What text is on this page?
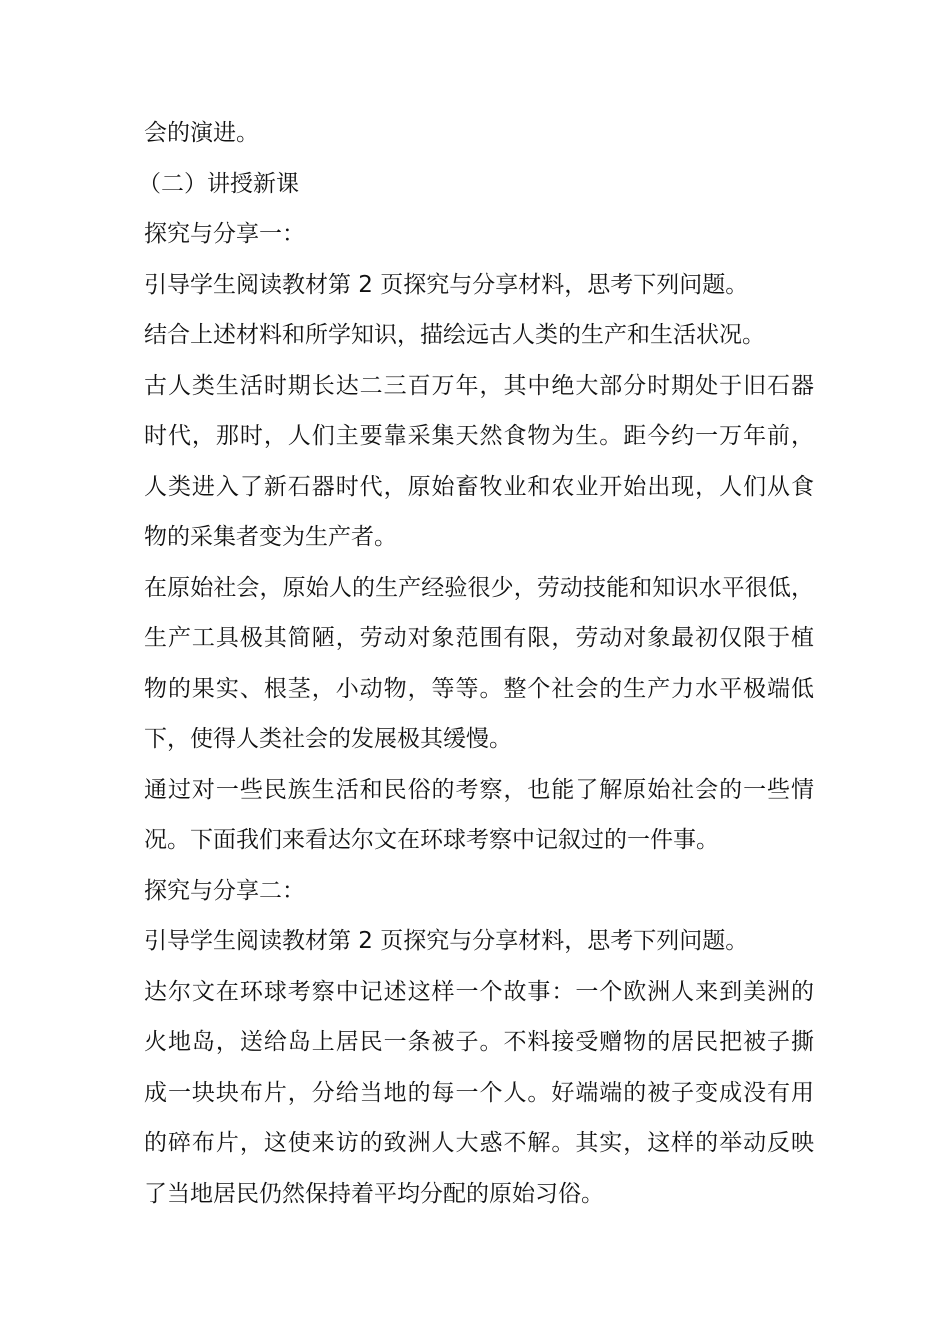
会的演进。
（二）讲授新课
探究与分享一：
引导学生阅读教材第 2 页探究与分享材料，思考下列问题。
结合上述材料和所学知识，描绘远古人类的生产和生活状况。
古人类生活时期长达二三百万年，其中绝大部分时期处于旧石器
时代，那时，人们主要靠采集天然食物为生。距今约一万年前，
人类进入了新石器时代，原始畜牧业和农业开始出现，人们从食
物的采集者变为生产者。
在原始社会，原始人的生产经验很少，劳动技能和知识水平很低，
生产工具极其简陋，劳动对象范围有限，劳动对象最初仅限于植
物的果实、根茎，小动物，等等。整个社会的生产力水平极端低
下，使得人类社会的发展极其缓慢。
通过对一些民族生活和民俗的考察，也能了解原始社会的一些情
况。下面我们来看达尔文在环球考察中记叙过的一件事。
探究与分享二：
引导学生阅读教材第 2 页探究与分享材料，思考下列问题。
达尔文在环球考察中记述这样一个故事：一个欧洲人来到美洲的
火地岛，送给岛上居民一条被子。不料接受赠物的居民把被子撕
成一块块布片，分给当地的每一个人。好端端的被子变成没有用
的碎布片，这使来访的致洲人大惑不解。其实，这样的举动反映
了当地居民仍然保持着平均分配的原始习俗。
